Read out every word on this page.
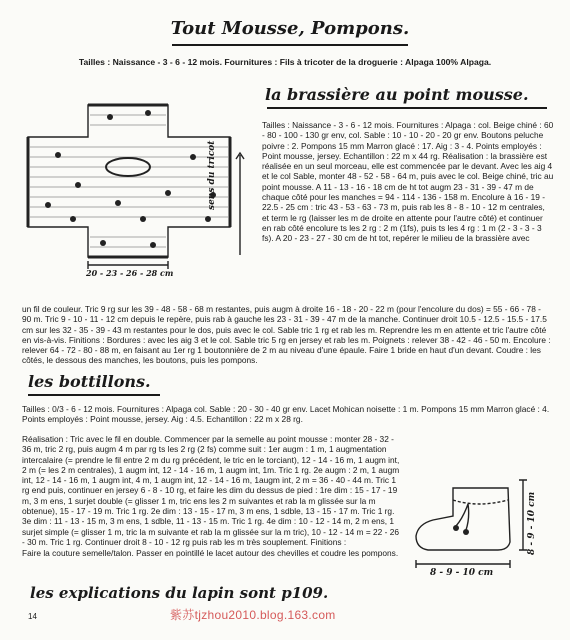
Tout Mousse, Pompons.
Tailles : Naissance - 3 - 6 - 12 mois. Fournitures : Fils à tricoter de la droguerie : Alpaga 100% Alpaga.
sens du tricot
20 - 23 - 26 - 28 cm
la brassière au point mousse.

Tailles : Naissance - 3 - 6 - 12 mois. Fournitures : Alpaga : col. Beige chiné : 60 - 80 - 100 - 130 gr env, col. Sable : 10 - 10 - 20 - 20 gr env. Boutons peluche poivre : 2. Pompons 15 mm Marron glacé : 17. Aig : 3 - 4. Points employés : Point mousse, jersey. Echantillon : 22 m x 44 rg. Réalisation : la brassière est réalisée en un seul morceau, elle est commencée par le devant. Avec les aig 4 et le col Sable, monter 48 - 52 - 58 - 64 m, puis avec le col. Beige chiné, tric au point mousse. A 11 - 13 - 16 - 18 cm de ht tot augm 23 - 31 - 39 - 47 m de chaque côté pour les manches = 94 - 114 - 136 - 158 m. Encolure à 16 - 19 - 22.5 - 25 cm : tric 43 - 53 - 63 - 73 m, puis rab les 8 - 8 - 10 - 12 m centrales, et term le rg (laisser les m de droite en attente pour l'autre côté) et continuer en rab côté encolure ts les 2 rg : 2 m (1fs), puis ts les 4 rg : 1 m (2 - 3 - 3 - 3 fs). A 20 - 23 - 27 - 30 cm de ht tot, repérer le milieu de la brassière avec

un fil de couleur. Tric 9 rg sur les 39 - 48 - 58 - 68 m restantes, puis augm à droite 16 - 18 - 20 - 22 m (pour l'encolure du dos) = 55 - 66 - 78 - 90 m. Tric 9 - 10 - 11 - 12 cm depuis le repère, puis rab à gauche les 23 - 31 - 39 - 47 m de la manche. Continuer droit 10.5 - 12.5 - 15.5 - 17.5 cm sur les 32 - 35 - 39 - 43 m restantes pour le dos, puis avec le col. Sable tric 1 rg et rab les m. Reprendre les m en attente et tric l'autre côté en vis-à-vis. Finitions : Bordures : avec les aig 3 et le col. Sable tric 5 rg en jersey et rab les m. Poignets : relever 38 - 42 - 46 - 50 m. Encolure : relever 64 - 72 - 80 - 88 m, en faisant au 1er rg 1 boutonnière de 2 m au niveau d'une épaule. Faire 1 bride en haut d'un devant. Coudre : les côtés, le dessous des manches, les boutons, puis les pompons.

les bottillons.

Tailles : 0/3 - 6 - 12 mois. Fournitures : Alpaga col. Sable : 20 - 30 - 40 gr env. Lacet Mohican noisette : 1 m. Pompons 15 mm Marron glacé : 4. Points employés : Point mousse, jersey. Aig : 4.5. Echantillon : 22 m x 28 rg.

Réalisation : Tric avec le fil en double. Commencer par la semelle au point mousse : monter 28 - 32 - 36 m, tric 2 rg, puis augm 4 m par rg ts les 2 rg (2 fs) comme suit : 1er augm : 1 m, 1 augmentation intercalaire (= prendre le fil entre 2 m du rg précédent, le tric en le torciant), 12 - 14 - 16 m, 1 augm int, 2 m (= les 2 m centrales), 1 augm int, 12 - 14 - 16 m, 1 augm int, 1m. Tric 1 rg. 2e augm : 2 m, 1 augm int, 12 - 14 - 16 m, 1 augm int, 4 m, 1 augm int, 12 - 14 - 16 m, 1augm int, 2 m = 36 - 40 - 44 m. Tric 1 rg end puis, continuer en jersey 6 - 8 - 10 rg, et faire les dim du dessus de pied : 1re dim : 15 - 17 - 19 m, 3 m ens, 1 surjet double (= glisser 1 m, tric ens les 2 m suivantes et rab la m glissée sur la m obtenue), 15 - 17 - 19 m. Tric 1 rg. 2e dim : 13 - 15 - 17 m, 3 m ens, 1 sdble, 13 - 15 - 17 m. Tric 1 rg. 3e dim : 11 - 13 - 15 m, 3 m ens, 1 sdble, 11 - 13 - 15 m. Tric 1 rg. 4e dim : 10 - 12 - 14 m, 2 m ens, 1 surjet simple (= glisser 1 m, tric la m suivante et rab la m glissée sur la m tric), 10 - 12 - 14 m = 22 - 26 - 30 m. Tric 1 rg. Continuer droit 8 - 10 - 12 rg puis rab les m très souplement. Finitions :

Faire la couture semelle/talon. Passer en pointillé le lacet autour des chevilles et coudre les pompons.	8 - 9 - 10 cm
8 - 9 - 10 cm
les explications du lapin sont p109.
14	紫苏tjzhou2010.blog.163.com
